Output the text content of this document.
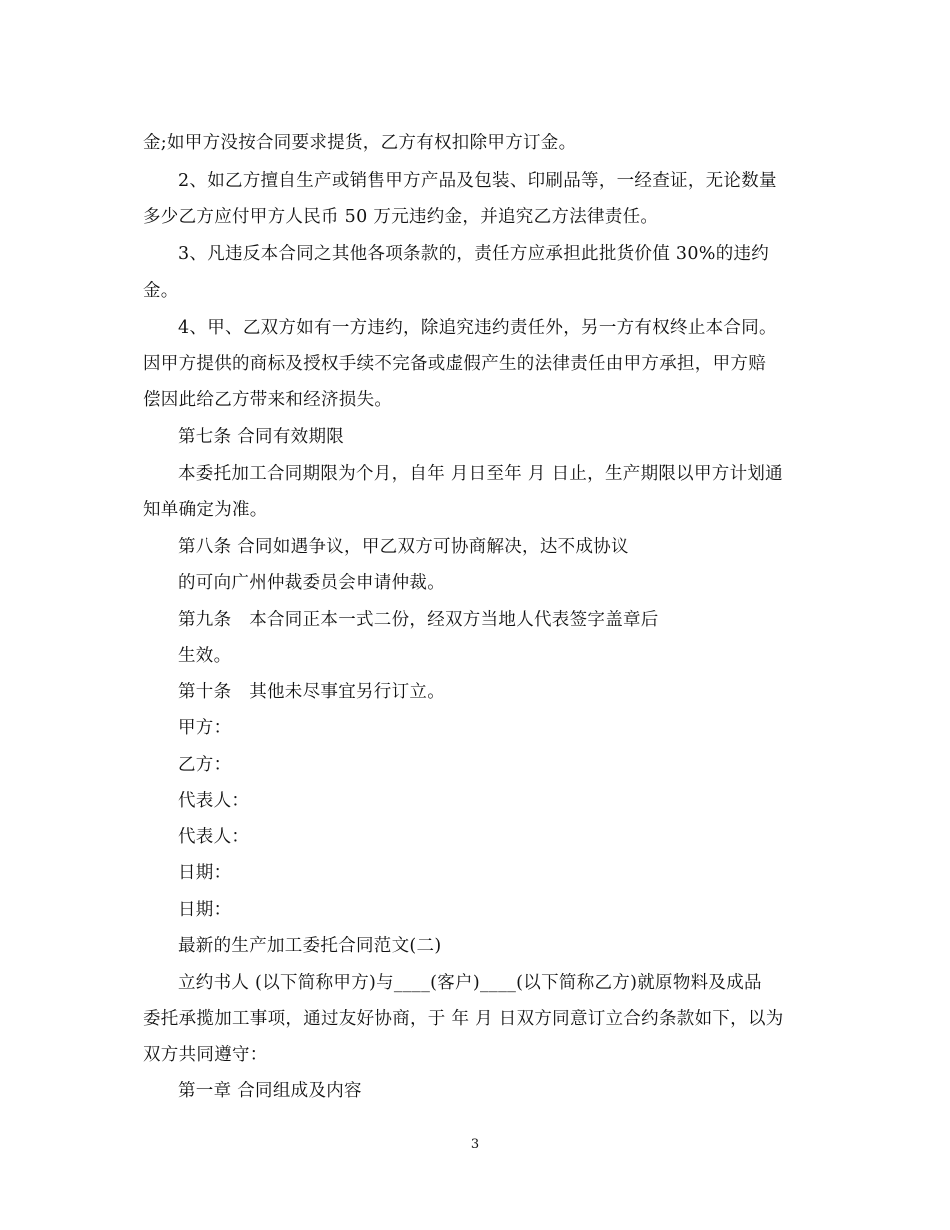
金;如甲方没按合同要求提货，乙方有权扣除甲方订金。
2、如乙方擅自生产或销售甲方产品及包装、印刷品等，一经查证，无论数量
多少乙方应付甲方人民币 50 万元违约金，并追究乙方法律责任。
3、凡违反本合同之其他各项条款的，责任方应承担此批货价值 30%的违约
金。
4、甲、乙双方如有一方违约，除追究违约责任外，另一方有权终止本合同。
因甲方提供的商标及授权手续不完备或虚假产生的法律责任由甲方承担，甲方赔
偿因此给乙方带来和经济损失。
第七条 合同有效期限
本委托加工合同期限为个月，自年 月日至年 月 日止，生产期限以甲方计划通
知单确定为准。
第八条 合同如遇争议，甲乙双方可协商解决，达不成协议
的可向广州仲裁委员会申请仲裁。
第九条　本合同正本一式二份，经双方当地人代表签字盖章后
生效。
第十条　其他未尽事宜另行订立。
甲方：
乙方：
代表人：
代表人：
日期：
日期：
最新的生产加工委托合同范文(二)
立约书人 (以下简称甲方)与____(客户)____(以下简称乙方)就原物料及成品
委托承揽加工事项，通过友好协商，于 年 月 日双方同意订立合约条款如下，以为
双方共同遵守：
第一章 合同组成及内容
3
